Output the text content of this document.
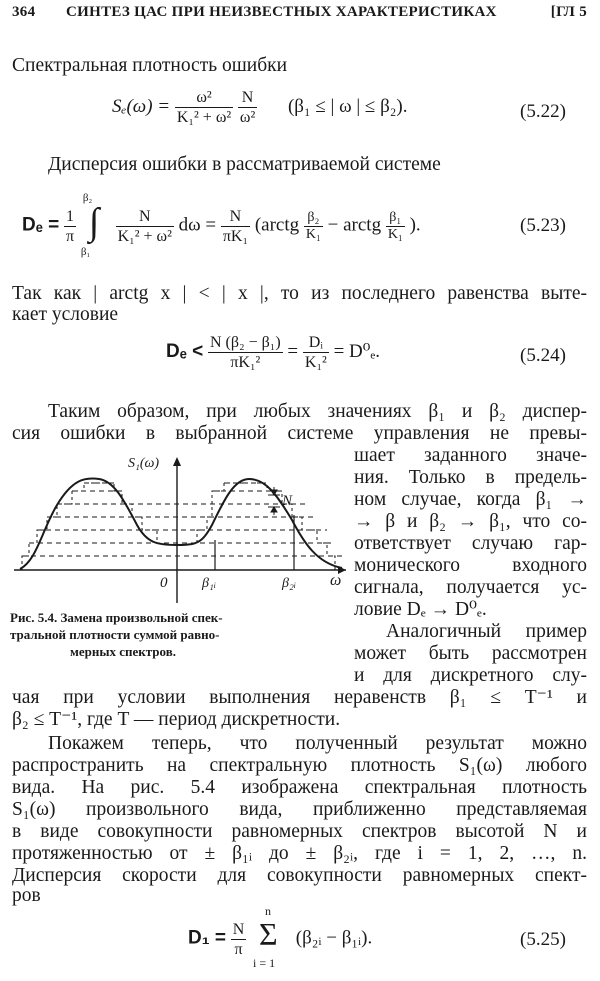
364 СИНТЕЗ ЦАС ПРИ НЕИЗВЕСТНЫХ ХАРАКТЕРИСТИКАХ	[ГЛ 5
Спектральная плотность ошибки
$S_e(\omega) = \frac{\text{ω²}}{\text{K₁² + ω²}}$
$\frac{N}{\text{ω²}} (\beta_1$ ≤ | ω | ≤ β₂).	(5.22)
Дисперсия ошибки в рассматриваемой системе
$D_e = \frac{1}{\pi}$

β₂
∫
β₁

$\frac{N}{\text{K₁² + ω²}}$ $d\omega = \frac{N}{\text{πK₁}}$ (arctg $\frac{\text{β₂}}{\text{K₁}}$ − arctg $\frac{\text{β₁}}{\text{K₁}}$ ).	(5.23)
Так как | arctg x | < | x |, то из последнего равенства выте-
кает условие
$D_e < \frac{\text{N (β₂ − β₁)}}{\text{πK₁²}} = \frac{\text{Dᵢ}}{\text{K₁²}} = D^0_e$.	(5.24)
Таким образом, при любых значениях β₁ и β₂ диспер-
сия ошибки в выбранной системе управления не превы-
шает заданного значе-
ния. Только в предель-
ном случае, когда β₁ →
→ β и β₂ → β₁, что со-
ответствует случаю гар-
монического входного
сигнала, получается ус-
ловие Dₑ → D⁰ₑ.
Аналогичный пример
может быть рассмотрен
и для дискретного слу-
чая при условии выполнения неравенств β₁ ≤ T⁻¹ и
β₂ ≤ T⁻¹, где T — период дискретности.
Покажем теперь, что полученный результат можно
распространить на спектральную плотность S₁(ω) любого
вида. На рис. 5.4 изображена спектральная плотность
S₁(ω) произвольного вида, приближенно представляемая
в виде совокупности равномерных спектров высотой N и
протяженностью от ± β₁ᵢ до ± β₂ᵢ, где i = 1, 2, …, n.
Дисперсия скорости для совокупности равномерных спект-
ров
$D_1 = \frac{N}{\pi}$

n
Σ
i = 1
(β₂ᵢ − β₁ᵢ).	(5.25)
S₁(ω)
N
0 β₁ᵢ	β₂ᵢ ω
Рис. 5.4. Замена произвольной спек-
тральной плотности суммой равно-
мерных спектров.
